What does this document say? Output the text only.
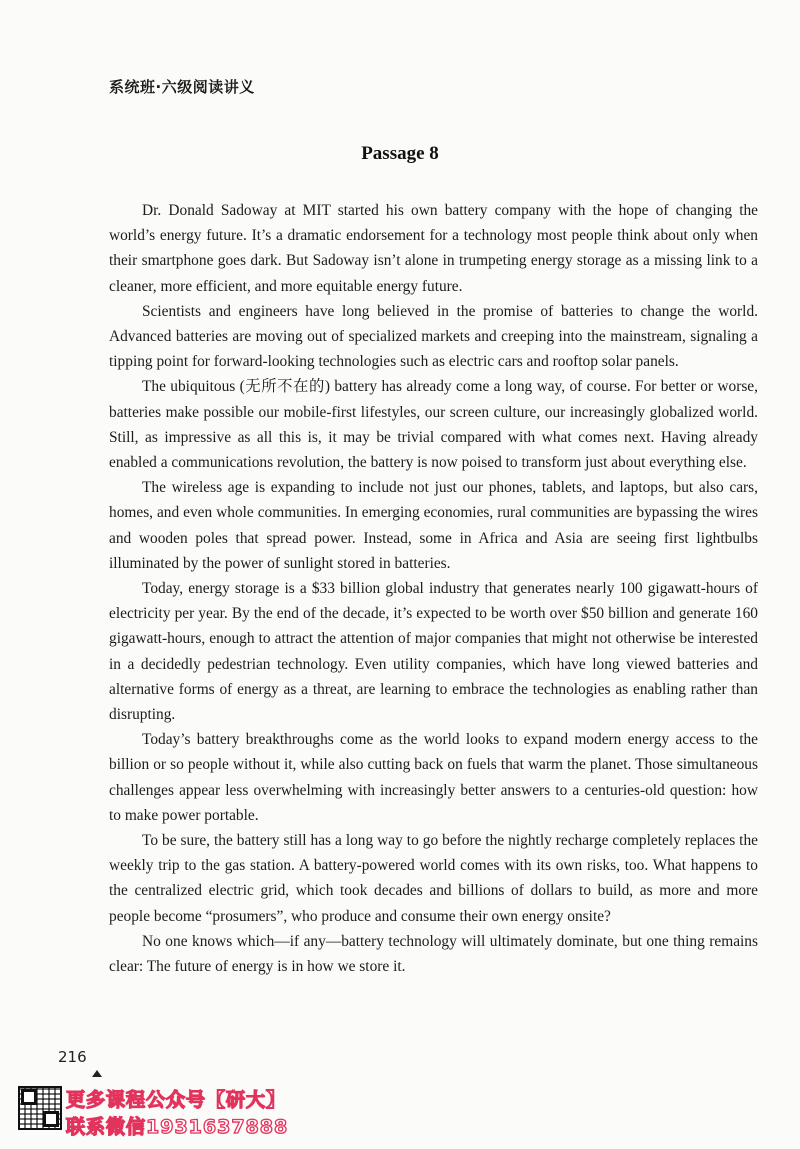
系统班·六级阅读讲义
Passage 8

Dr. Donald Sadoway at MIT started his own battery company with the hope of changing the world’s energy future. It’s a dramatic endorsement for a technology most people think about only when their smartphone goes dark. But Sadoway isn’t alone in trumpeting energy storage as a missing link to a cleaner, more efficient, and more equitable energy future.

Scientists and engineers have long believed in the promise of batteries to change the world. Advanced batteries are moving out of specialized markets and creeping into the mainstream, signaling a tipping point for forward-looking technologies such as electric cars and rooftop solar panels.

The ubiquitous (无所不在的) battery has already come a long way, of course. For better or worse, batteries make possible our mobile-first lifestyles, our screen culture, our increasingly globalized world. Still, as impressive as all this is, it may be trivial compared with what comes next. Having already enabled a communications revolution, the battery is now poised to transform just about everything else.

The wireless age is expanding to include not just our phones, tablets, and laptops, but also cars, homes, and even whole communities. In emerging economies, rural communities are bypassing the wires and wooden poles that spread power. Instead, some in Africa and Asia are seeing first lightbulbs illuminated by the power of sunlight stored in batteries.

Today, energy storage is a $33 billion global industry that generates nearly 100 gigawatt-hours of electricity per year. By the end of the decade, it’s expected to be worth over $50 billion and generate 160 gigawatt-hours, enough to attract the attention of major companies that might not otherwise be interested in a decidedly pedestrian technology. Even utility companies, which have long viewed batteries and alternative forms of energy as a threat, are learning to embrace the technologies as enabling rather than disrupting.

Today’s battery breakthroughs come as the world looks to expand modern energy access to the billion or so people without it, while also cutting back on fuels that warm the planet. Those simultaneous challenges appear less overwhelming with increasingly better answers to a centuries-old question: how to make power portable.

To be sure, the battery still has a long way to go before the nightly recharge completely replaces the weekly trip to the gas station. A battery-powered world comes with its own risks, too. What happens to the centralized electric grid, which took decades and billions of dollars to build, as more and more people become “prosumers”, who produce and consume their own energy onsite?

No one knows which—if any—battery technology will ultimately dominate, but one thing remains clear: The future of energy is in how we store it.

216
更多课程公众号【研大】
联系微信1931637888
